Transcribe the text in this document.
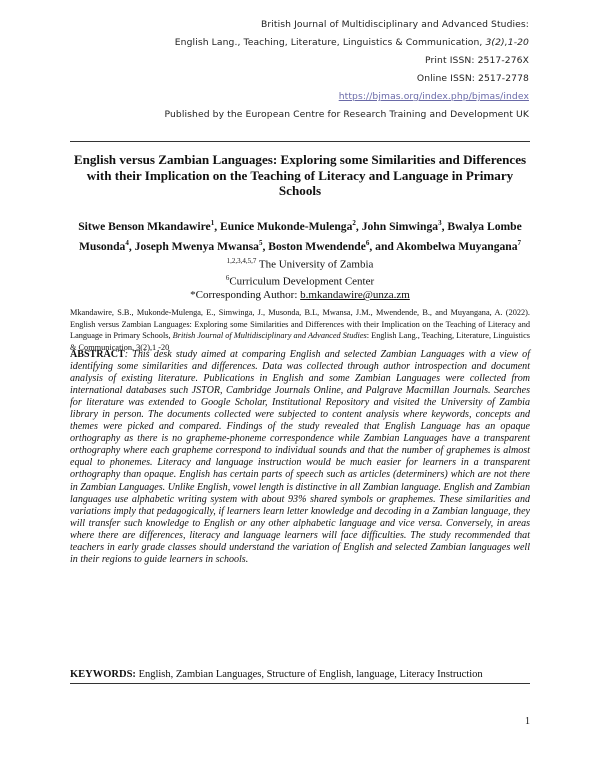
British Journal of Multidisciplinary and Advanced Studies:
English Lang., Teaching, Literature, Linguistics & Communication, 3(2),1-20
Print ISSN: 2517-276X
Online ISSN: 2517-2778
https://bjmas.org/index.php/bjmas/index
Published by the European Centre for Research Training and Development UK
English versus Zambian Languages: Exploring some Similarities and Differences with their Implication on the Teaching of Literacy and Language in Primary Schools
Sitwe Benson Mkandawire$^1$, Eunice Mukonde-Mulenga$^2$, John Simwinga$^3$, Bwalya Lombe Musonda$^4$, Joseph Mwenya Mwansa$^5$, Boston Mwendende$^6$, and Akombelwa Muyangana$^7$
$^{1,2,3,4,5,7}$ The University of Zambia
$^6$Curriculum Development Center
*Corresponding Author: b.mkandawire@unza.zm
Mkandawire, S.B., Mukonde-Mulenga, E., Simwinga, J., Musonda, B.L, Mwansa, J.M., Mwendende, B., and Muyangana, A. (2022). English versus Zambian Languages: Exploring some Similarities and Differences with their Implication on the Teaching of Literacy and Language in Primary Schools, British Journal of Multidisciplinary and Advanced Studies: English Lang., Teaching, Literature, Linguistics & Communication, 3(2),1 -20
ABSTRACT: This desk study aimed at comparing English and selected Zambian Languages with a view of identifying some similarities and differences. Data was collected through author introspection and document analysis of existing literature. Publications in English and some Zambian Languages were collected from international databases such JSTOR, Cambridge Journals Online, and Palgrave Macmillan Journals. Searches for literature was extended to Google Scholar, Institutional Repository and visited the University of Zambia library in person. The documents collected were subjected to content analysis where keywords, concepts and themes were picked and compared. Findings of the study revealed that English Language has an opaque orthography as there is no grapheme-phoneme correspondence while Zambian Languages have a transparent orthography where each grapheme correspond to individual sounds and that the number of graphemes is almost equal to phonemes. Literacy and language instruction would be much easier for learners in a transparent orthography than opaque. English has certain parts of speech such as articles (determiners) which are not there in Zambian Languages. Unlike English, vowel length is distinctive in all Zambian language. English and Zambian languages use alphabetic writing system with about 93% shared symbols or graphemes. These similarities and variations imply that pedagogically, if learners learn letter knowledge and decoding in a Zambian language, they will transfer such knowledge to English or any other alphabetic language and vice versa. Conversely, in areas where there are differences, literacy and language learners will face difficulties. The study recommended that teachers in early grade classes should understand the variation of English and selected Zambian languages well in their regions to guide learners in schools.
KEYWORDS: English, Zambian Languages, Structure of English, language, Literacy Instruction
1
